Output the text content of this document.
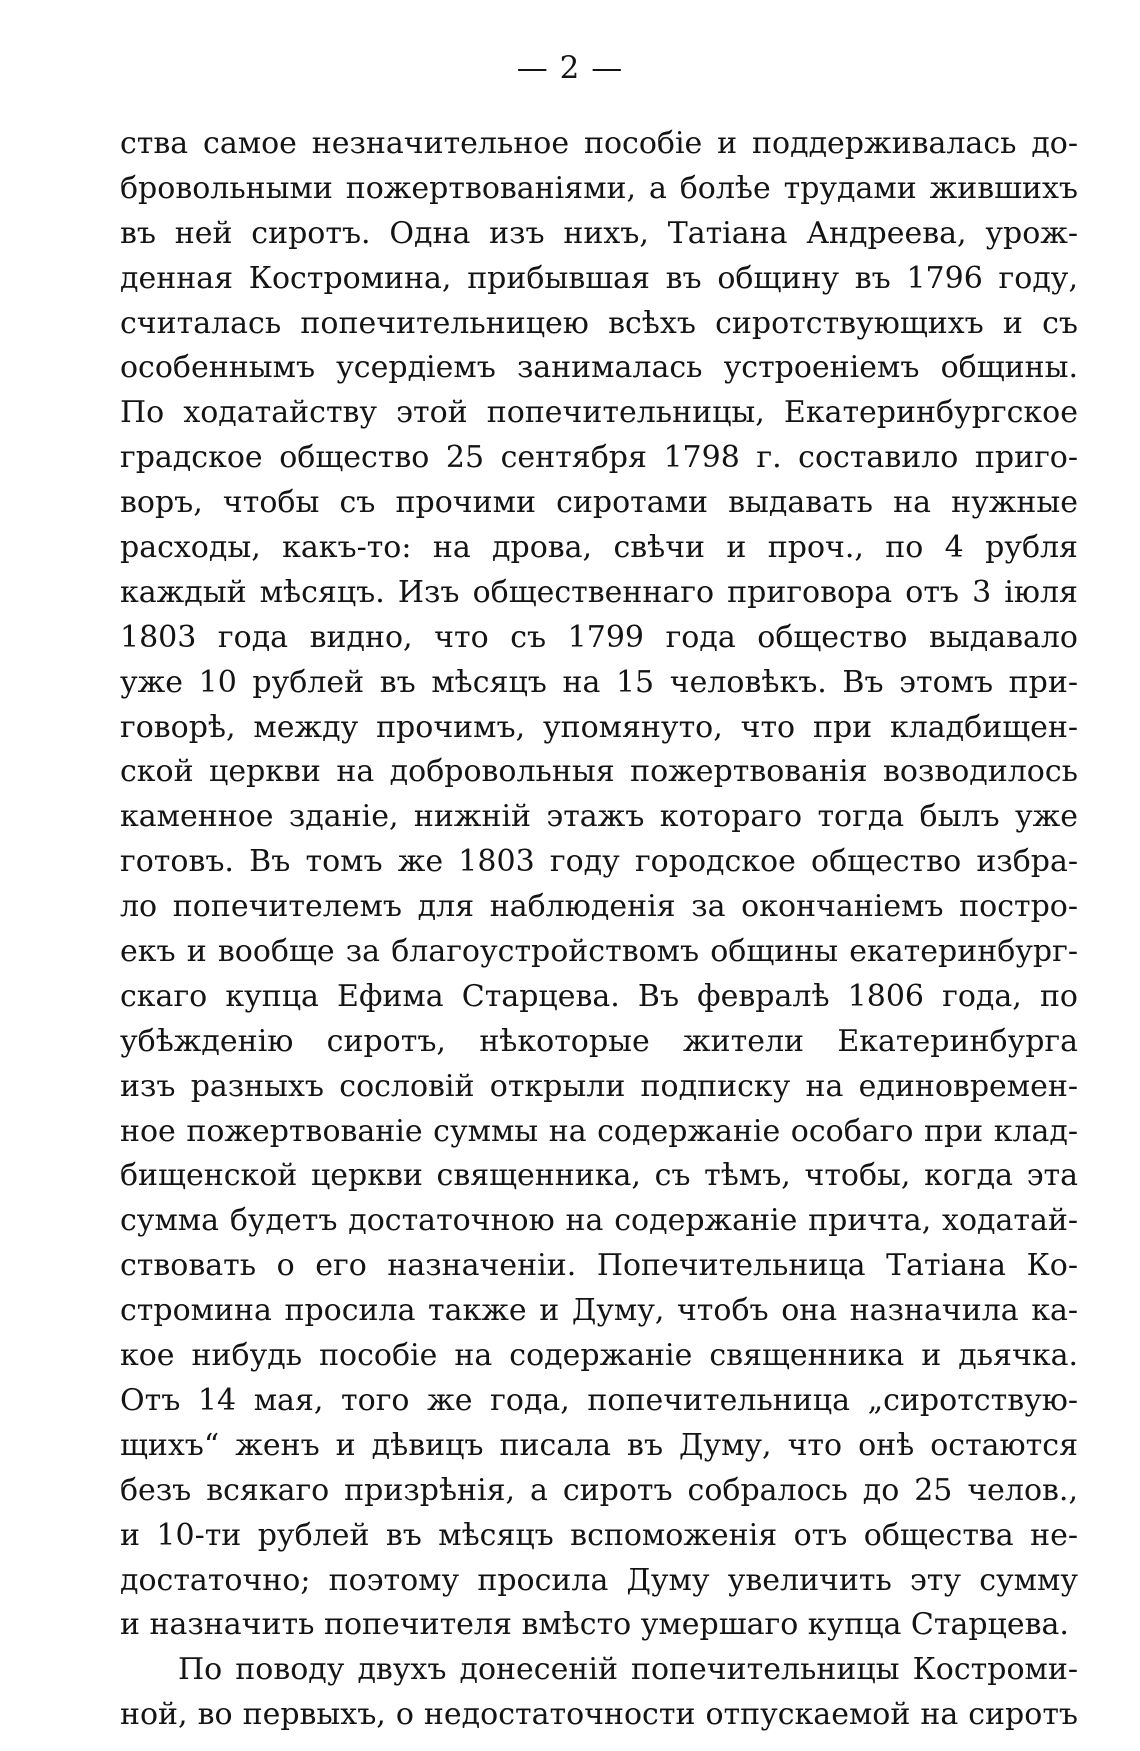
— 2 —
ства самое незначительное пособіе и поддерживалась до-
бровольными пожертвованіями, а болѣе трудами жившихъ
въ ней сиротъ. Одна изъ нихъ, Татіана Андреева, урож-
денная Костромина, прибывшая въ общину въ 1796 году,
считалась попечительницею всѣхъ сиротствующихъ и съ
особеннымъ усердіемъ занималась устроеніемъ общины.
По ходатайству этой попечительницы, Екатеринбургское
градское общество 25 сентября 1798 г. составило приго-
воръ, чтобы съ прочими сиротами выдавать на нужные
расходы, какъ-то: на дрова, свѣчи и проч., по 4 рубля
каждый мѣсяцъ. Изъ общественнаго приговора отъ 3 іюля
1803 года видно, что съ 1799 года общество выдавало
уже 10 рублей въ мѣсяцъ на 15 человѣкъ. Въ этомъ при-
говорѣ, между прочимъ, упомянуто, что при кладбищен-
ской церкви на добровольныя пожертвованія возводилось
каменное зданіе, нижній этажъ котораго тогда былъ уже
готовъ. Въ томъ же 1803 году городское общество избра-
ло попечителемъ для наблюденія за окончаніемъ постро-
екъ и вообще за благоустройствомъ общины екатеринбург-
скаго купца Ефима Старцева. Въ февралѣ 1806 года, по
убѣжденію сиротъ, нѣкоторые жители Екатеринбурга
изъ разныхъ сословій открыли подписку на единовремен-
ное пожертвованіе суммы на содержаніе особаго при клад-
бищенской церкви священника, съ тѣмъ, чтобы, когда эта
сумма будетъ достаточною на содержаніе причта, ходатай-
ствовать о его назначеніи. Попечительница Татіана Ко-
стромина просила также и Думу, чтобъ она назначила ка-
кое нибудь пособіе на содержаніе священника и дьячка.
Отъ 14 мая, того же года, попечительница „сиротствую-
щихъ“ женъ и дѣвицъ писала въ Думу, что онѣ остаются
безъ всякаго призрѣнія, а сиротъ собралось до 25 челов.,
и 10-ти рублей въ мѣсяцъ вспоможенія отъ общества не-
достаточно; поэтому просила Думу увеличить эту сумму
и назначить попечителя вмѣсто умершаго купца Старцева.
По поводу двухъ донесеній попечительницы Костроми-
ной, во первыхъ, о недостаточности отпускаемой на сиротъ
